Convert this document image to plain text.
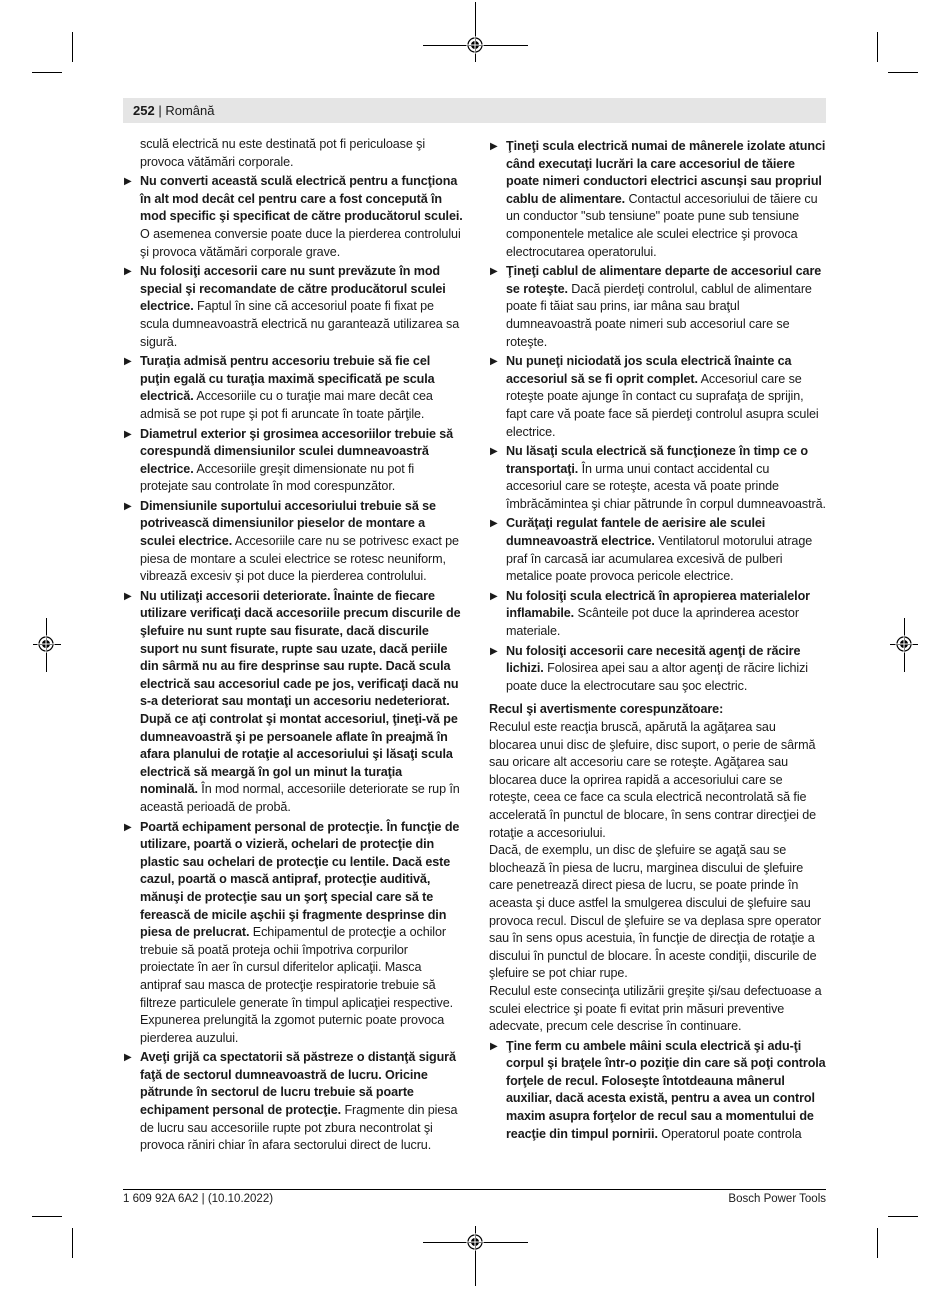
252 | Română

sculă electrică nu este destinată pot fi periculoase şi provoca vătămări corporale.

▶ Nu converti această sculă electrică pentru a funcţiona în alt mod decât cel pentru care a fost concepută în mod specific şi specificat de către producătorul sculei. O asemenea conversie poate duce la pierderea controlului şi provoca vătămări corporale grave.
▶ Nu folosiţi accesorii care nu sunt prevăzute în mod special şi recomandate de către producătorul sculei electrice. Faptul în sine că accesoriul poate fi fixat pe scula dumneavoastră electrică nu garantează utilizarea sa sigură.
▶ Turaţia admisă pentru accesoriu trebuie să fie cel puţin egală cu turaţia maximă specificată pe scula electrică. Accesoriile cu o turaţie mai mare decât cea admisă se pot rupe şi pot fi aruncate în toate părţile.
▶ Diametrul exterior şi grosimea accesoriilor trebuie să corespundă dimensiunilor sculei dumneavoastră electrice. Accesoriile greşit dimensionate nu pot fi protejate sau controlate în mod corespunzător.
▶ Dimensiunile suportului accesoriului trebuie să se potrivească dimensiunilor pieselor de montare a sculei electrice. Accesoriile care nu se potrivesc exact pe piesa de montare a sculei electrice se rotesc neuniform, vibrează excesiv şi pot duce la pierderea controlului.
▶ Nu utilizaţi accesorii deteriorate. Înainte de fiecare utilizare verificaţi dacă accesoriile precum discurile de şlefuire nu sunt rupte sau fisurate, dacă discurile suport nu sunt fisurate, rupte sau uzate, dacă periile din sârmă nu au fire desprinse sau rupte. Dacă scula electrică sau accesoriul cade pe jos, verificaţi dacă nu s-a deteriorat sau montaţi un accesoriu nedeteriorat. După ce aţi controlat şi montat accesoriul, ţineţi-vă pe dumneavoastră şi pe persoanele aflate în preajmă în afara planului de rotaţie al accesoriului şi lăsaţi scula electrică să meargă în gol un minut la turaţia nominală. În mod normal, accesoriile deteriorate se rup în această perioadă de probă.
▶ Poartă echipament personal de protecţie. În funcţie de utilizare, poartă o vizieră, ochelari de protecţie din plastic sau ochelari de protecţie cu lentile. Dacă este cazul, poartă o mască antipraf, protecţie auditivă, mănuşi de protecţie sau un şorţ special care să te ferească de micile aşchii şi fragmente desprinse din piesa de prelucrat. Echipamentul de protecţie a ochilor trebuie să poată proteja ochii împotriva corpurilor proiectate în aer în cursul diferitelor aplicaţii. Masca antipraf sau masca de protecţie respiratorie trebuie să filtreze particulele generate în timpul aplicaţiei respective. Expunerea prelungită la zgomot puternic poate provoca pierderea auzului.
▶ Aveţi grijă ca spectatorii să păstreze o distanţă sigură faţă de sectorul dumneavoastră de lucru. Oricine pătrunde în sectorul de lucru trebuie să poarte echipament personal de protecţie. Fragmente din piesa de lucru sau accesoriile rupte pot zbura necontrolat şi provoca răniri chiar în afara sectorului direct de lucru.
▶ Ţineţi scula electrică numai de mânerele izolate atunci când executaţi lucrări la care accesoriul de tăiere poate nimeri conductori electrici ascunşi sau propriul cablu de alimentare. Contactul accesoriului de tăiere cu un conductor "sub tensiune" poate pune sub tensiune componentele metalice ale sculei electrice şi provoca electrocutarea operatorului.
▶ Ţineţi cablul de alimentare departe de accesoriul care se roteşte. Dacă pierdeţi controlul, cablul de alimentare poate fi tăiat sau prins, iar mâna sau braţul dumneavoastră poate nimeri sub accesoriul care se roteşte.
▶ Nu puneţi niciodată jos scula electrică înainte ca accesoriul să se fi oprit complet. Accesoriul care se roteşte poate ajunge în contact cu suprafaţa de sprijin, fapt care vă poate face să pierdeţi controlul asupra sculei electrice.
▶ Nu lăsaţi scula electrică să funcţioneze în timp ce o transportaţi. În urma unui contact accidental cu accesoriul care se roteşte, acesta vă poate prinde îmbrăcămintea şi chiar pătrunde în corpul dumneavoastră.
▶ Curăţaţi regulat fantele de aerisire ale sculei dumneavoastră electrice. Ventilatorul motorului atrage praf în carcasă iar acumularea excesivă de pulberi metalice poate provoca pericole electrice.
▶ Nu folosiţi scula electrică în apropierea materialelor inflamabile. Scânteile pot duce la aprinderea acestor materiale.
▶ Nu folosiţi accesorii care necesită agenţi de răcire lichizi. Folosirea apei sau a altor agenţi de răcire lichizi poate duce la electrocutare sau şoc electric.
Recul şi avertismente corespunzătoare:

Reculul este reacţia bruscă, apărută la agăţarea sau blocarea unui disc de şlefuire, disc suport, o perie de sârmă sau oricare alt accesoriu care se roteşte. Agăţarea sau blocarea duce la oprirea rapidă a accesoriului care se roteşte, ceea ce face ca scula electrică necontrolată să fie accelerată în punctul de blocare, în sens contrar direcţiei de rotaţie a accesoriului.

Dacă, de exemplu, un disc de şlefuire se agaţă sau se blochează în piesa de lucru, marginea discului de şlefuire care penetrează direct piesa de lucru, se poate prinde în aceasta şi duce astfel la smulgerea discului de şlefuire sau provoca recul. Discul de şlefuire se va deplasa spre operator sau în sens opus acestuia, în funcţie de direcţia de rotaţie a discului în punctul de blocare. În aceste condiţii, discurile de şlefuire se pot chiar rupe.

Reculul este consecinţa utilizării greşite şi/sau defectuoase a sculei electrice şi poate fi evitat prin măsuri preventive adecvate, precum cele descrise în continuare.

▶ Ţine ferm cu ambele mâini scula electrică şi adu-ţi corpul şi braţele într-o poziţie din care să poţi controla forţele de recul. Foloseşte întotdeauna mânerul auxiliar, dacă acesta există, pentru a avea un control maxim asupra forţelor de recul sau a momentului de reacţie din timpul pornirii. Operatorul poate controla
1 609 92A 6A2 | (10.10.2022)	Bosch Power Tools
